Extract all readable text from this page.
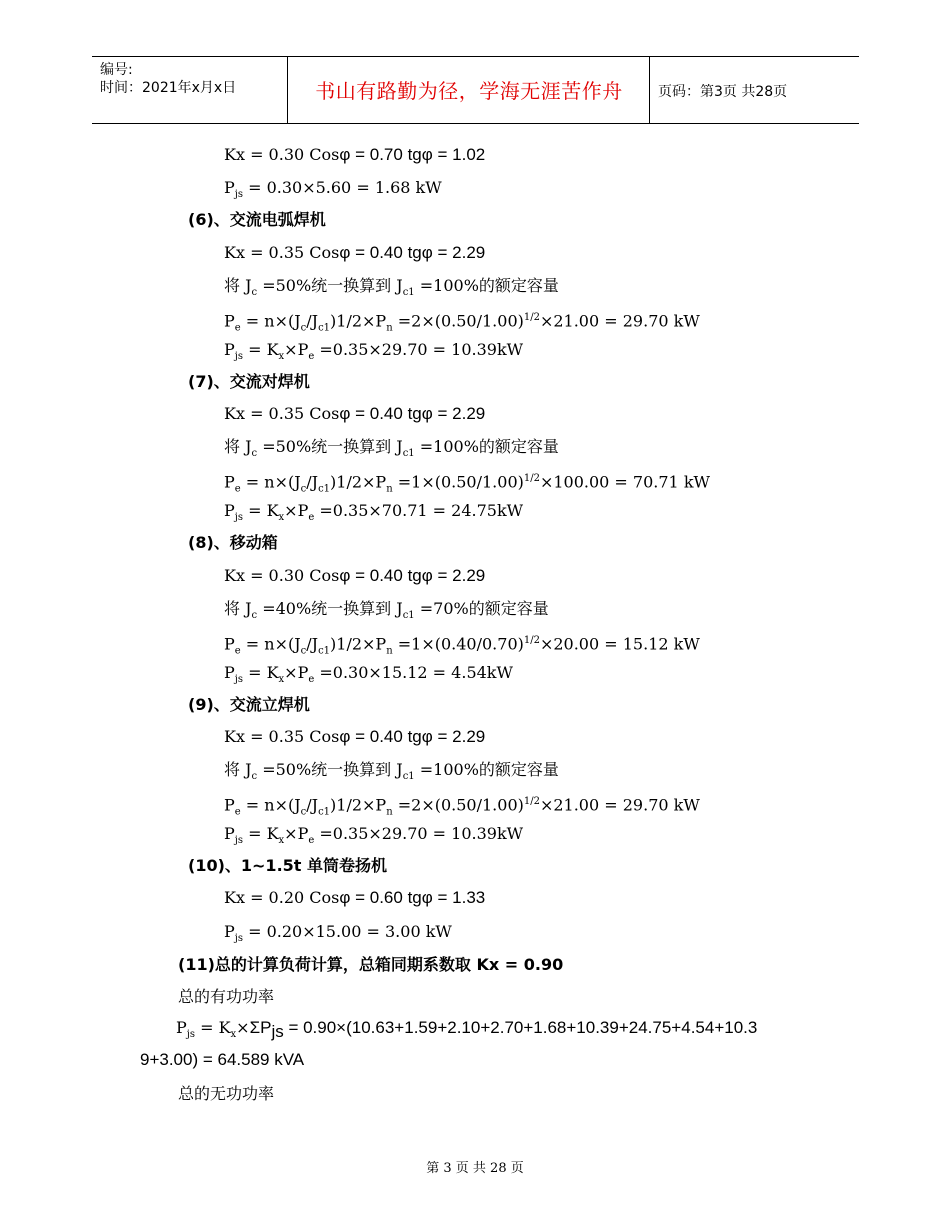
编号:
时间：2021年x月x日	书山有路勤为径，学海无涯苦作舟	页码：第3页 共28页
Kx = 0.30 Cosφ = 0.70 tgφ = 1.02
$P_{js} = 0.30\times 5.60 = 1.68$ kW
(6)、交流电弧焊机
Kx = 0.35 Cosφ = 0.40 tgφ = 2.29
将 $J_c =50\%$统一换算到 $J_{c1} =100\%$的额定容量
$P_e = n\times(J_c/J_{c1})1/2\times P_n =2\times(0.50/1.00)^{1/2}\times 21.00 = 29.70$ kW
$P_{js} = K_x\times P_e =0.35\times 29.70 = 10.39kW$
(7)、交流对焊机
Kx = 0.35 Cosφ = 0.40 tgφ = 2.29
将 $J_c =50\%$统一换算到 $J_{c1} =100\%$的额定容量
$P_e = n\times(J_c/J_{c1})1/2\times P_n =1\times(0.50/1.00)^{1/2}\times 100.00 = 70.71$ kW
$P_{js} = K_x\times P_e =0.35\times 70.71 = 24.75kW$
(8)、移动箱
Kx = 0.30 Cosφ = 0.40 tgφ = 2.29
将 $J_c =40\%$统一换算到 $J_{c1} =70\%$的额定容量
$P_e = n\times(J_c/J_{c1})1/2\times P_n =1\times(0.40/0.70)^{1/2}\times 20.00 = 15.12$ kW
$P_{js} = K_x\times P_e =0.30\times 15.12 = 4.54kW$
(9)、交流立焊机
Kx = 0.35 Cosφ = 0.40 tgφ = 2.29
将 $J_c =50\%$统一换算到 $J_{c1} =100\%$的额定容量
$P_e = n\times(J_c/J_{c1})1/2\times P_n =2\times(0.50/1.00)^{1/2}\times 21.00 = 29.70$ kW
$P_{js} = K_x\times P_e =0.35\times 29.70 = 10.39kW$
(10)、1~1.5t 单筒卷扬机
Kx = 0.20 Cosφ = 0.60 tgφ = 1.33
$P_{js} = 0.20\times 15.00 = 3.00$ kW
(11)总的计算负荷计算，总箱同期系数取 Kx = 0.90
总的有功功率
$P_{js} = K_x\times\Sigma P_{js} = 0.90\times(10.63+1.59+2.10+2.70+1.68+10.39+24.75+4.54+10.3$
9+3.00) = 64.589 kVA
总的无功功率
第 3 页 共 28 页
